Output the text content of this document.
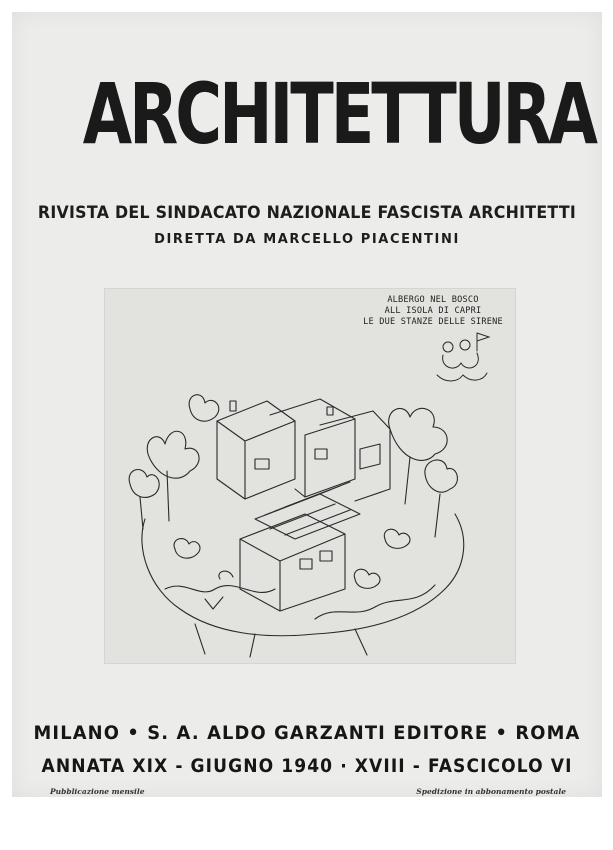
ARCHITETTURA
RIVISTA DEL SINDACATO NAZIONALE FASCISTA ARCHITETTI
DIRETTA DA MARCELLO PIACENTINI
ALBERGO NEL BOSCO
ALL ISOLA DI CAPRI
LE DUE STANZE DELLE SIRENE
MILANO • S. A. ALDO GARZANTI EDITORE • ROMA
ANNATA XIX - GIUGNO 1940 · XVIII - FASCICOLO VI
Pubblicazione mensile	Spedizione in abbonamento postale
